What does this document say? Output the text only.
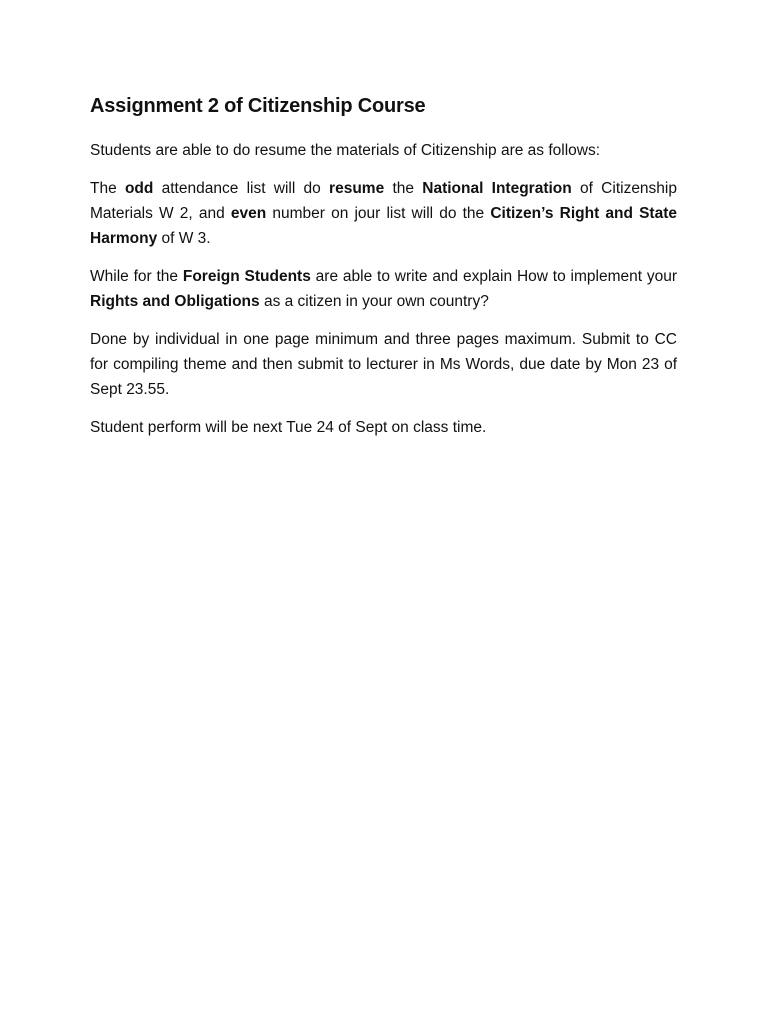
Assignment 2 of Citizenship Course

Students are able to do resume the materials of Citizenship are as follows:

The odd attendance list will do resume the National Integration of Citizenship Materials W 2, and even number on jour list will do the Citizen’s Right and State Harmony of W 3.

While for the Foreign Students are able to write and explain How to implement your Rights and Obligations as a citizen in your own country?

Done by individual in one page minimum and three pages maximum. Submit to CC for compiling theme and then submit to lecturer in Ms Words, due date by Mon 23 of Sept 23.55.

Student perform will be next Tue 24 of Sept on class time.
